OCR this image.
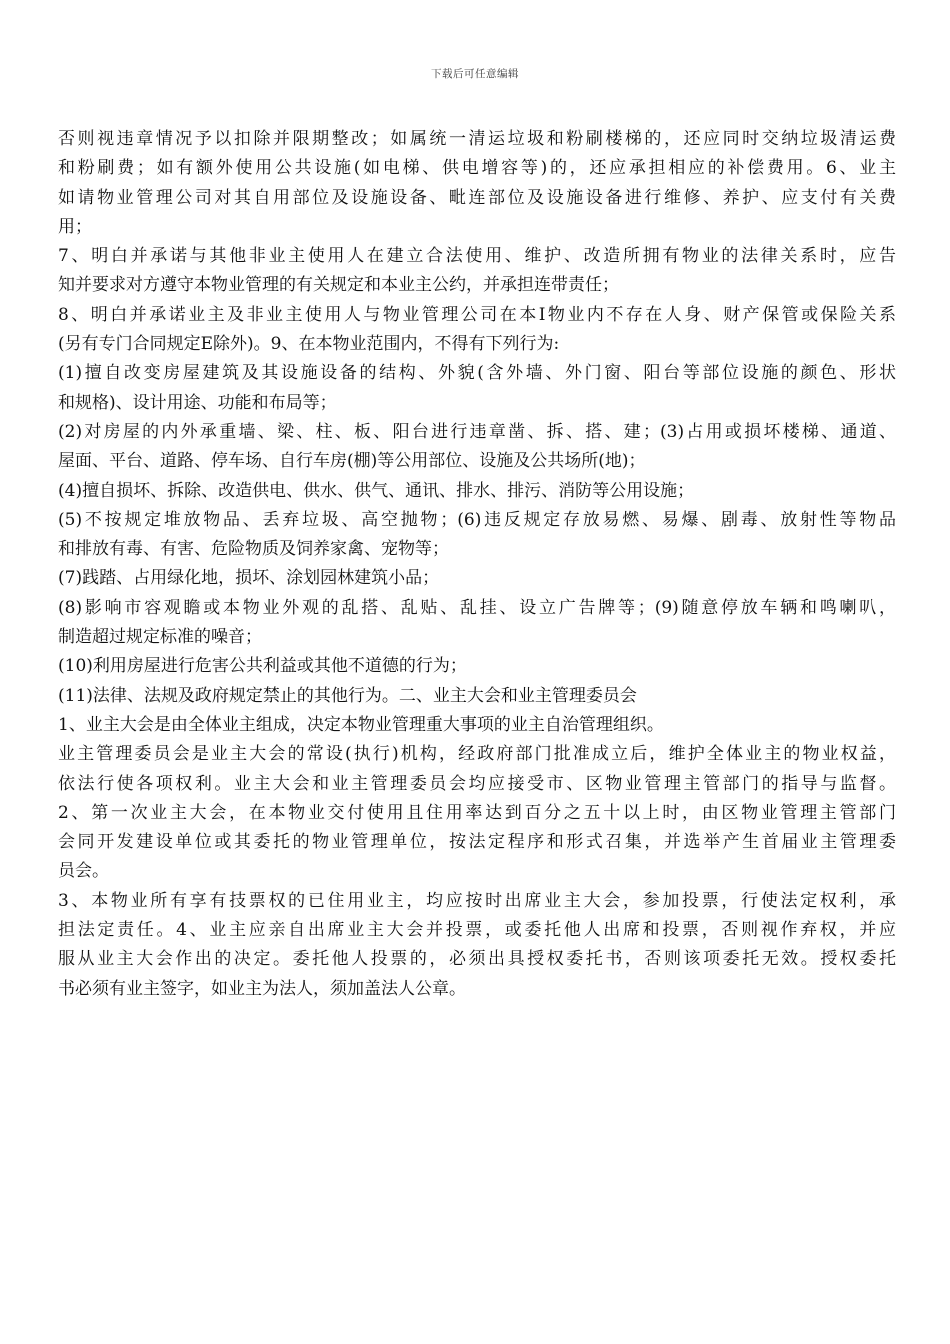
下载后可任意编辑
否则视违章情况予以扣除并限期整改；如属统一清运垃圾和粉刷楼梯的，还应同时交纳垃圾清运费
和粉刷费；如有额外使用公共设施(如电梯、供电增容等)的，还应承担相应的补偿费用。6、业主
如请物业管理公司对其自用部位及设施设备、毗连部位及设施设备进行维修、养护、应支付有关费
用；
7、明白并承诺与其他非业主使用人在建立合法使用、维护、改造所拥有物业的法律关系时，应告
知并要求对方遵守本物业管理的有关规定和本业主公约，并承担连带责任；
8、明白并承诺业主及非业主使用人与物业管理公司在本Ⅰ物业内不存在人身、财产保管或保险关系
(另有专门合同规定Ε除外)。9、在本物业范围内，不得有下列行为:
(1)擅自改变房屋建筑及其设施设备的结构、外貌(含外墙、外门窗、阳台等部位设施的颜色、形状
和规格)、设计用途、功能和布局等；
(2)对房屋的内外承重墙、梁、柱、板、阳台进行违章凿、拆、搭、建；(3)占用或损坏楼梯、通道、
屋面、平台、道路、停车场、自行车房(棚)等公用部位、设施及公共场所(地)；
(4)擅自损坏、拆除、改造供电、供水、供气、通讯、排水、排污、消防等公用设施；
(5)不按规定堆放物品、丢弃垃圾、高空抛物；(6)违反规定存放易燃、易爆、剧毒、放射性等物品
和排放有毒、有害、危险物质及饲养家禽、宠物等；
(7)践踏、占用绿化地，损坏、涂划园林建筑小品；
(8)影响市容观瞻或本物业外观的乱搭、乱贴、乱挂、设立广告牌等；(9)随意停放车辆和鸣喇叭，
制造超过规定标准的噪音；
(10)利用房屋进行危害公共利益或其他不道德的行为；
(11)法律、法规及政府规定禁止的其他行为。二、业主大会和业主管理委员会
1、业主大会是由全体业主组成，决定本物业管理重大事项的业主自治管理组织。
业主管理委员会是业主大会的常设(执行)机构，经政府部门批准成立后，维护全体业主的物业权益，
依法行使各项权利。业主大会和业主管理委员会均应接受市、区物业管理主管部门的指导与监督。
2、第一次业主大会，在本物业交付使用且住用率达到百分之五十以上时，由区物业管理主管部门
会同开发建设单位或其委托的物业管理单位，按法定程序和形式召集，并选举产生首届业主管理委
员会。
3、本物业所有享有技票权的已住用业主，均应按时出席业主大会，参加投票，行使法定权利，承
担法定责任。4、业主应亲自出席业主大会并投票，或委托他人出席和投票，否则视作弃权，并应
服从业主大会作出的决定。委托他人投票的，必须出具授权委托书，否则该项委托无效。授权委托
书必须有业主签字，如业主为法人，须加盖法人公章。
